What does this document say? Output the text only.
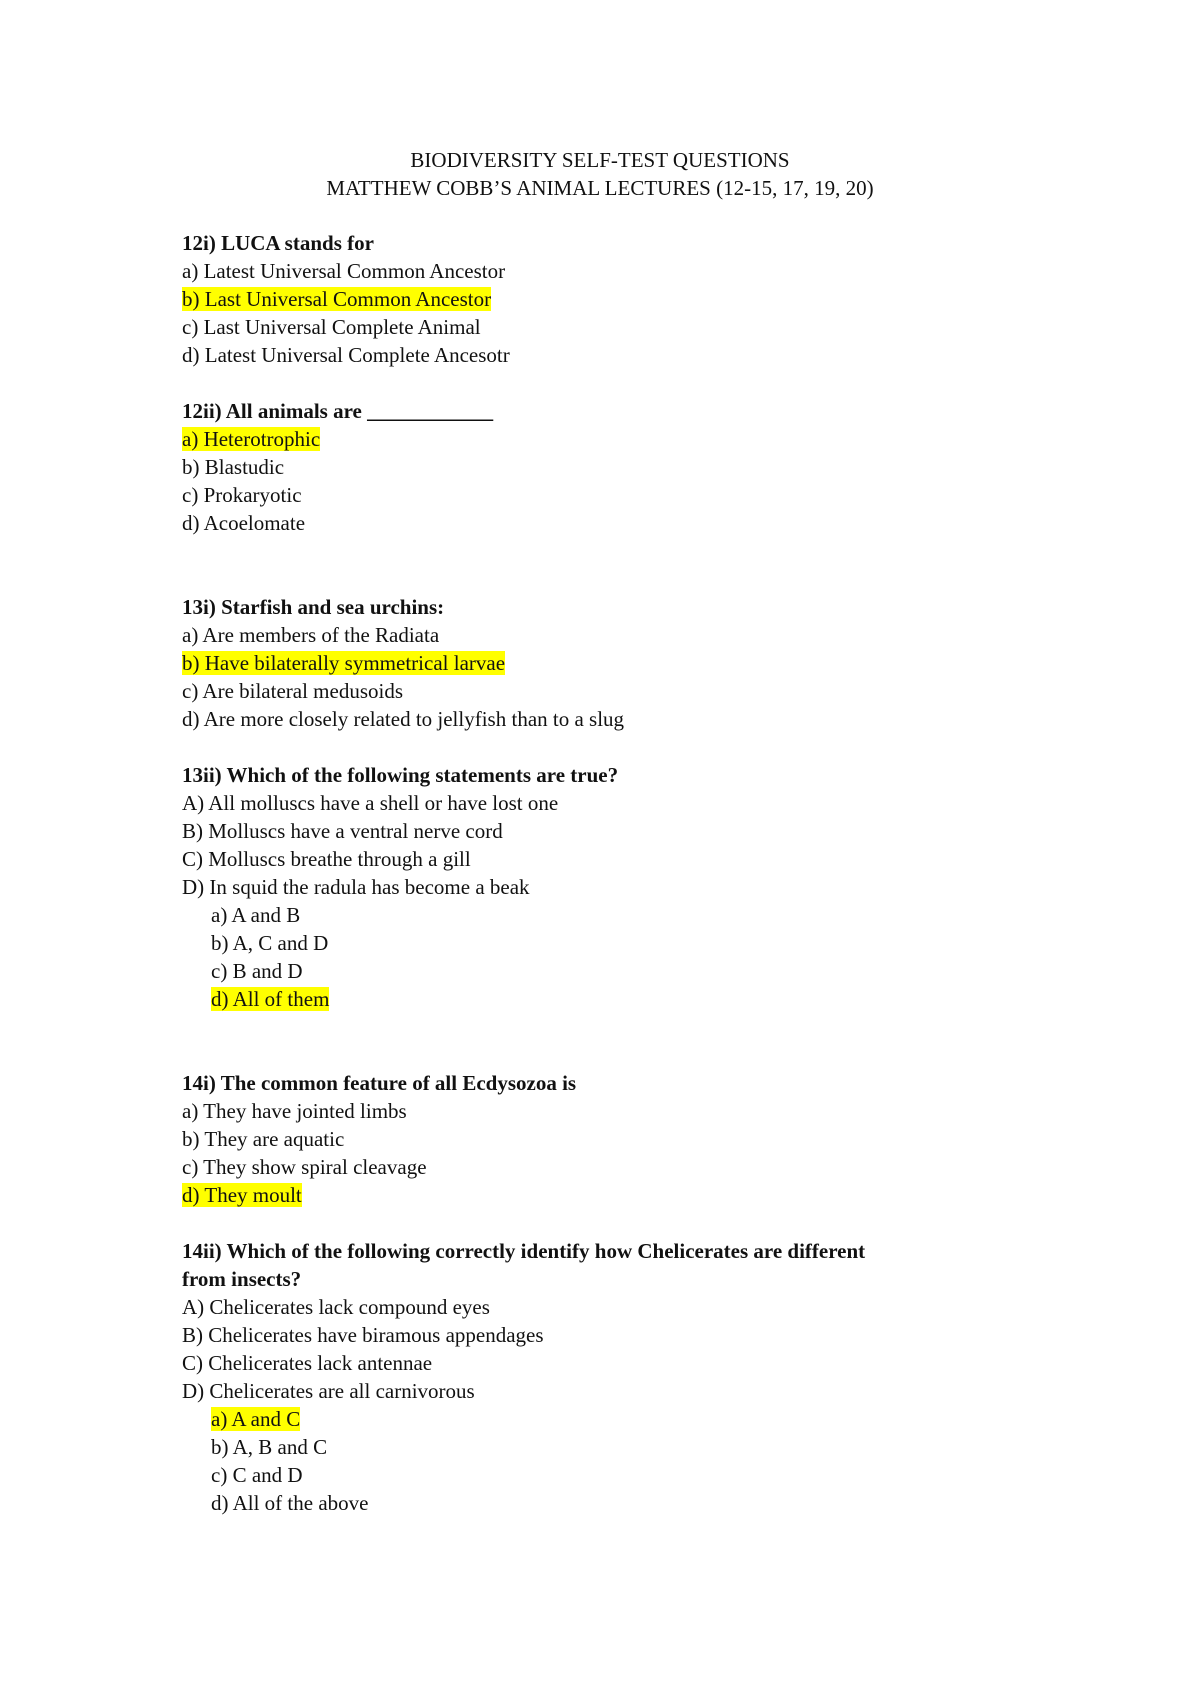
BIODIVERSITY SELF-TEST QUESTIONS
MATTHEW COBB’S ANIMAL LECTURES (12-15, 17, 19, 20)
12i) LUCA stands for
a) Latest Universal Common Ancestor
b) Last Universal Common Ancestor
c) Last Universal Complete Animal
d) Latest Universal Complete Ancesotr
12ii) All animals are ____________
a) Heterotrophic
b) Blastudic
c) Prokaryotic
d) Acoelomate
13i) Starfish and sea urchins:
a) Are members of the Radiata
b) Have bilaterally symmetrical larvae
c) Are bilateral medusoids
d) Are more closely related to jellyfish than to a slug
13ii) Which of the following statements are true?
A) All molluscs have a shell or have lost one
B) Molluscs have a ventral nerve cord
C) Molluscs breathe through a gill
D) In squid the radula has become a beak
a) A and B
b) A, C and D
c) B and D
d) All of them
14i) The common feature of all Ecdysozoa is
a) They have jointed limbs
b) They are aquatic
c) They show spiral cleavage
d) They moult
14ii) Which of the following correctly identify how Chelicerates are different
from insects?
A) Chelicerates lack compound eyes
B) Chelicerates have biramous appendages
C) Chelicerates lack antennae
D) Chelicerates are all carnivorous
a) A and C
b) A, B and C
c) C and D
d) All of the above
